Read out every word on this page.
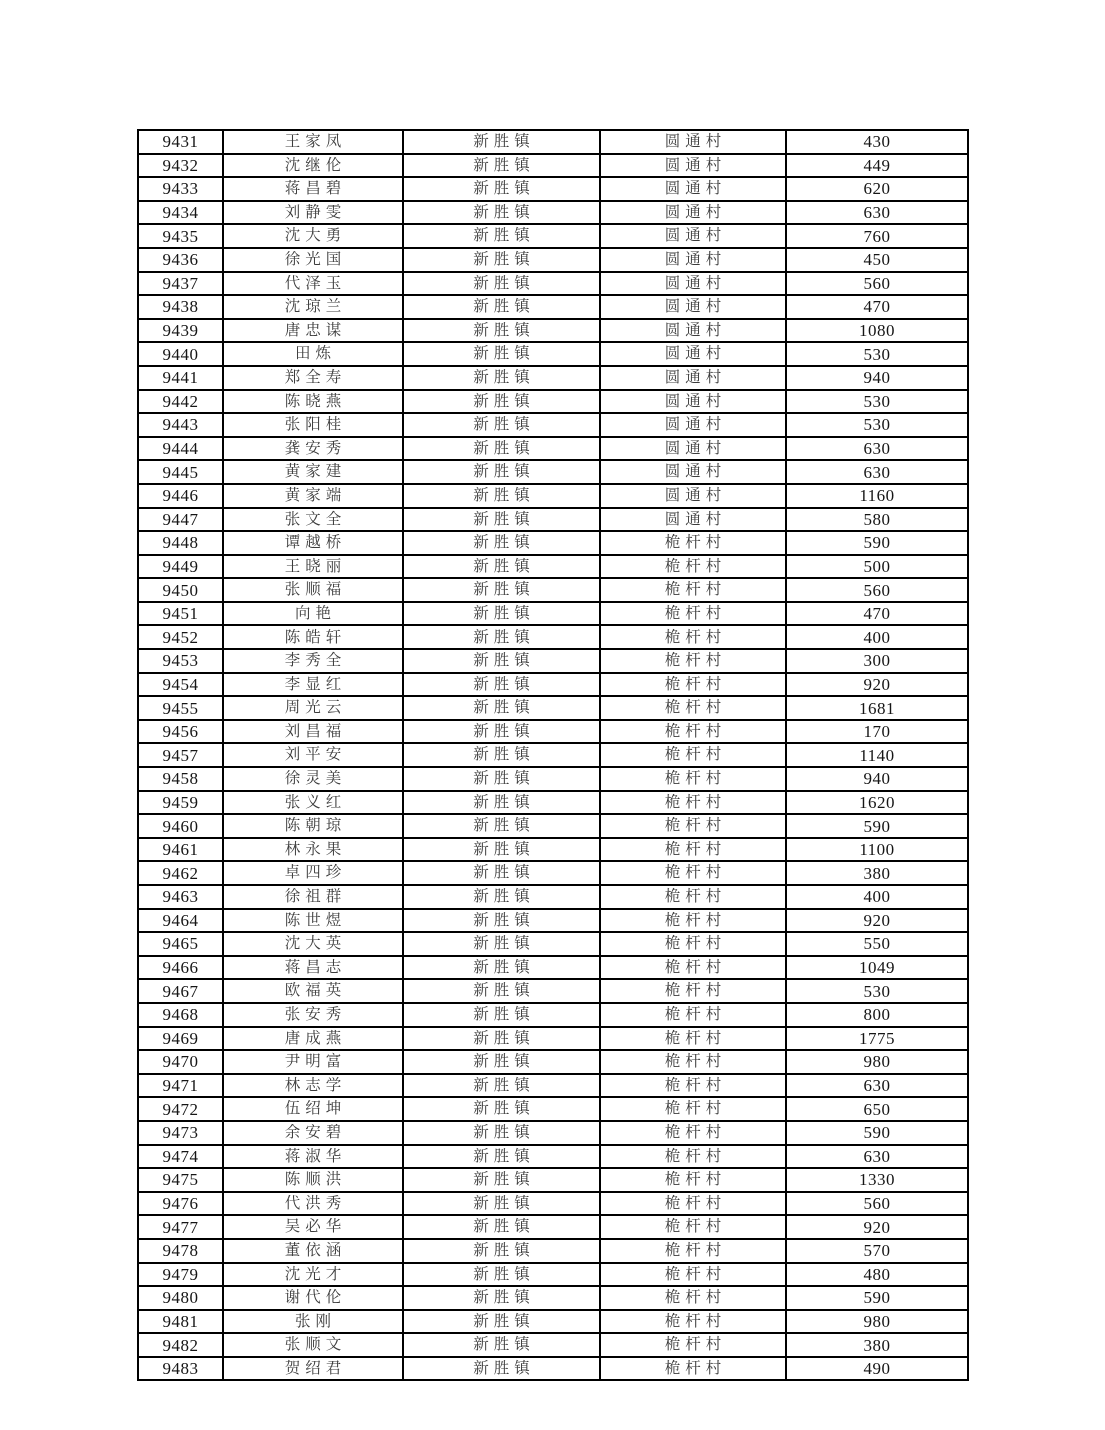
9431	王家凤	新胜镇	圆通村	430
9432	沈继伦	新胜镇	圆通村	449
9433	蒋昌碧	新胜镇	圆通村	620
9434	刘静雯	新胜镇	圆通村	630
9435	沈大勇	新胜镇	圆通村	760
9436	徐光国	新胜镇	圆通村	450
9437	代泽玉	新胜镇	圆通村	560
9438	沈琼兰	新胜镇	圆通村	470
9439	唐忠谋	新胜镇	圆通村	1080
9440	田炼	新胜镇	圆通村	530
9441	郑全寿	新胜镇	圆通村	940
9442	陈晓燕	新胜镇	圆通村	530
9443	张阳桂	新胜镇	圆通村	530
9444	龚安秀	新胜镇	圆通村	630
9445	黄家建	新胜镇	圆通村	630
9446	黄家端	新胜镇	圆通村	1160
9447	张文全	新胜镇	圆通村	580
9448	谭越桥	新胜镇	桅杆村	590
9449	王晓丽	新胜镇	桅杆村	500
9450	张顺福	新胜镇	桅杆村	560
9451	向艳	新胜镇	桅杆村	470
9452	陈皓轩	新胜镇	桅杆村	400
9453	李秀全	新胜镇	桅杆村	300
9454	李显红	新胜镇	桅杆村	920
9455	周光云	新胜镇	桅杆村	1681
9456	刘昌福	新胜镇	桅杆村	170
9457	刘平安	新胜镇	桅杆村	1140
9458	徐灵美	新胜镇	桅杆村	940
9459	张义红	新胜镇	桅杆村	1620
9460	陈朝琼	新胜镇	桅杆村	590
9461	林永果	新胜镇	桅杆村	1100
9462	卓四珍	新胜镇	桅杆村	380
9463	徐祖群	新胜镇	桅杆村	400
9464	陈世煜	新胜镇	桅杆村	920
9465	沈大英	新胜镇	桅杆村	550
9466	蒋昌志	新胜镇	桅杆村	1049
9467	欧福英	新胜镇	桅杆村	530
9468	张安秀	新胜镇	桅杆村	800
9469	唐成燕	新胜镇	桅杆村	1775
9470	尹明富	新胜镇	桅杆村	980
9471	林志学	新胜镇	桅杆村	630
9472	伍绍坤	新胜镇	桅杆村	650
9473	余安碧	新胜镇	桅杆村	590
9474	蒋淑华	新胜镇	桅杆村	630
9475	陈顺洪	新胜镇	桅杆村	1330
9476	代洪秀	新胜镇	桅杆村	560
9477	吴必华	新胜镇	桅杆村	920
9478	董依涵	新胜镇	桅杆村	570
9479	沈光才	新胜镇	桅杆村	480
9480	谢代伦	新胜镇	桅杆村	590
9481	张刚	新胜镇	桅杆村	980
9482	张顺文	新胜镇	桅杆村	380
9483	贺绍君	新胜镇	桅杆村	490
